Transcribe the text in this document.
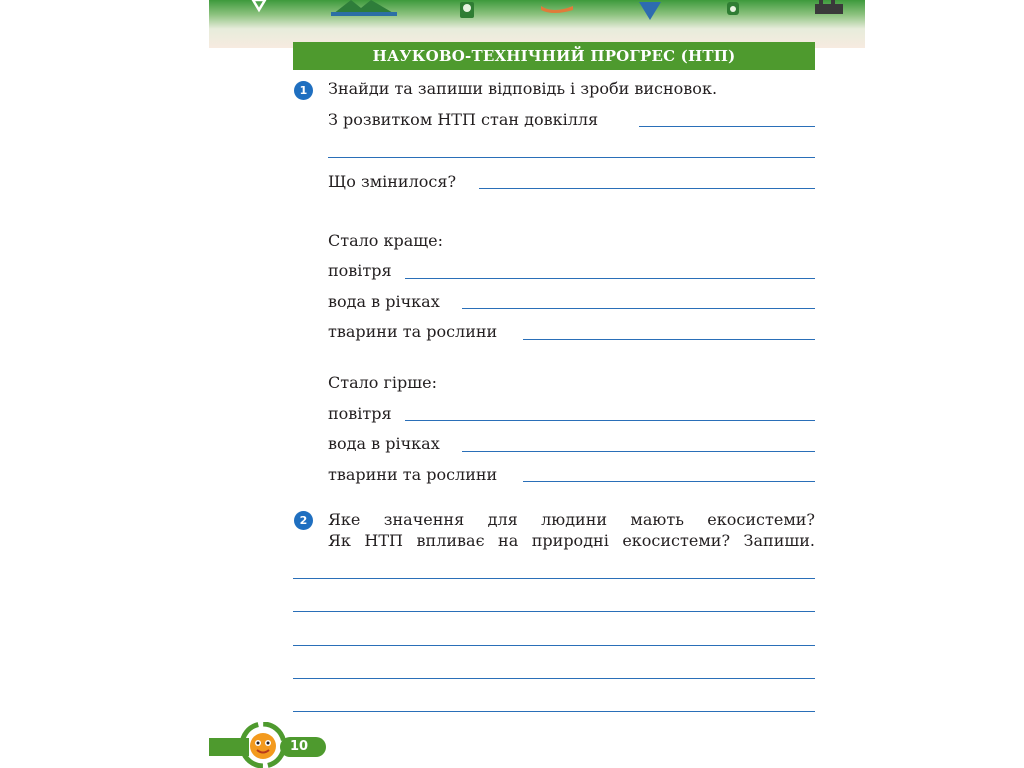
НАУКОВО-ТЕХНІЧНИЙ ПРОГРЕС (НТП)
1	Знайди та запиши відповідь і зроби висновок.
З розвитком НТП стан довкілля
Що змінилося?
Стало краще:
повітря
вода в річках
тварини та рослини
Стало гірше:
повітря
вода в річках
тварини та рослини
2	Яке значення для людини мають екосистеми?
Як НТП впливає на природні екосистеми? Запиши.
10
